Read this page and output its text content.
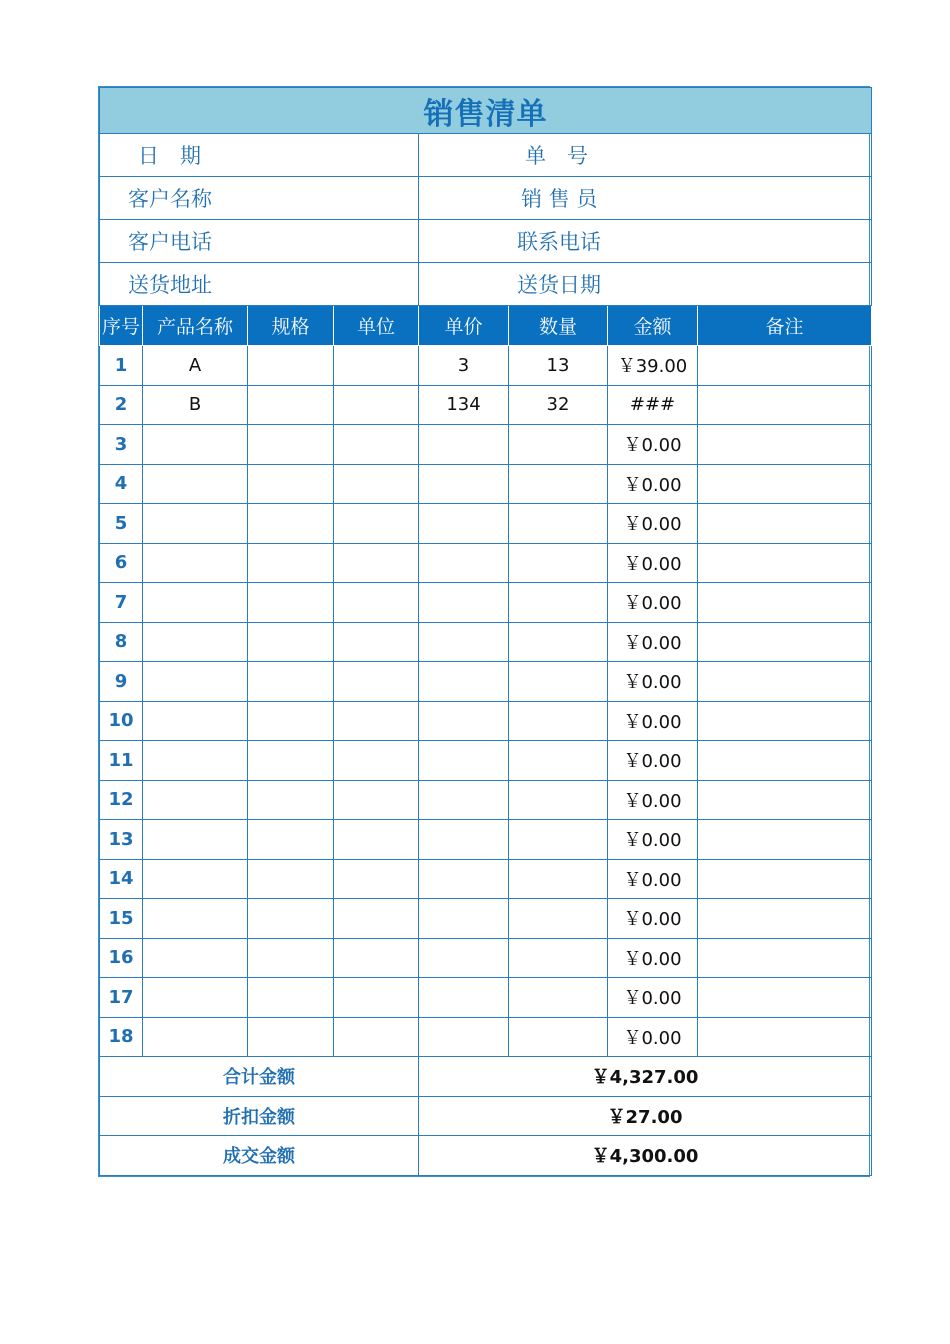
销售清单							
日　期				单　号			
客户名称				销 售 员			
客户电话				联系电话			
送货地址				送货日期			
序号	产品名称	规格	单位	单价	数量	金额	备注
1	A			3	13	￥39.00	
2	B			134	32	###	
3						￥0.00	
4						￥0.00	
5						￥0.00	
6						￥0.00	
7						￥0.00	
8						￥0.00	
9						￥0.00	
10						￥0.00	
11						￥0.00	
12						￥0.00	
13						￥0.00	
14						￥0.00	
15						￥0.00	
16						￥0.00	
17						￥0.00	
18						￥0.00	
合计金额				￥4,327.00			
折扣金额				￥27.00			
成交金额				￥4,300.00			
